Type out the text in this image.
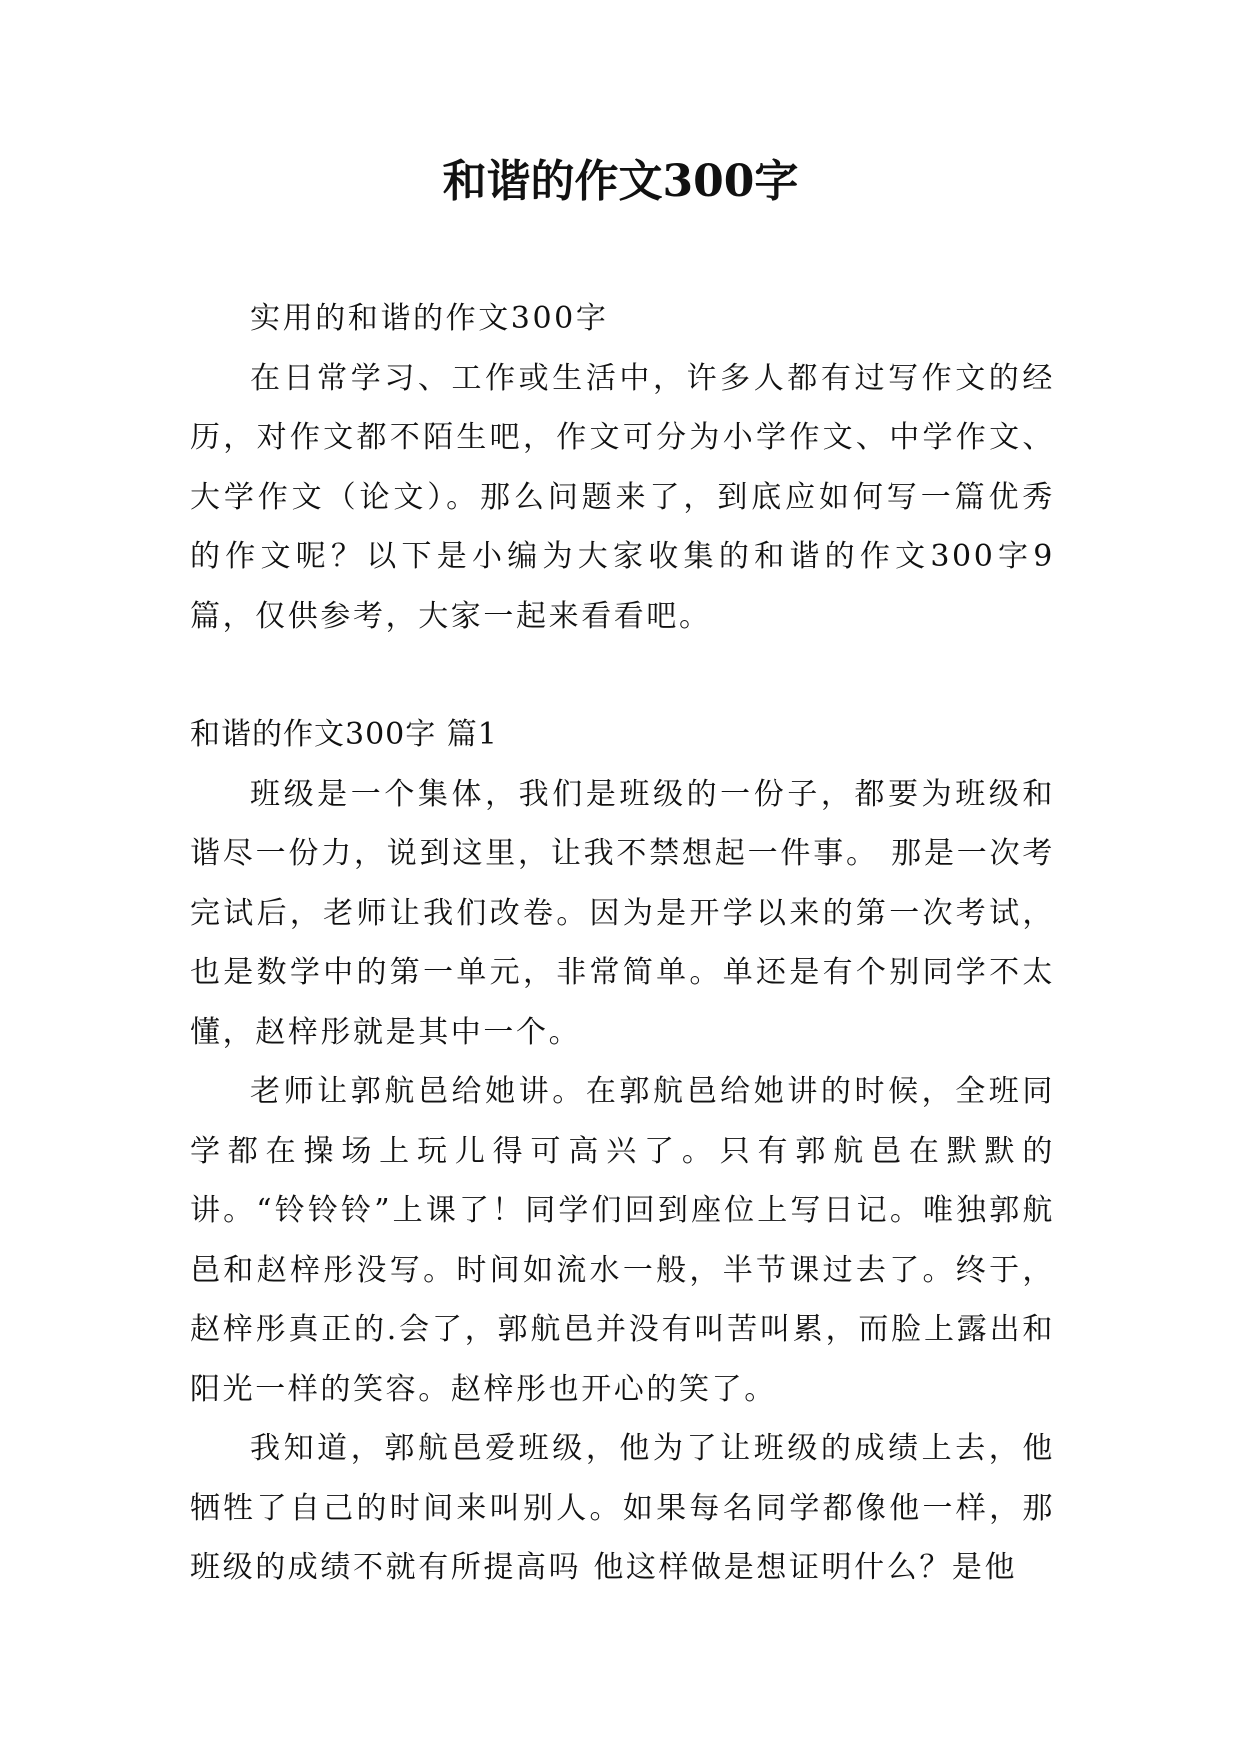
和谐的作文300字

实用的和谐的作文300字

在日常学习、工作或生活中，许多人都有过写作文的经历，对作文都不陌生吧，作文可分为小学作文、中学作文、大学作文（论文）。那么问题来了，到底应如何写一篇优秀的作文呢？以下是小编为大家收集的和谐的作文300字9篇，仅供参考，大家一起来看看吧。

和谐的作文300字 篇1

班级是一个集体，我们是班级的一份子，都要为班级和谐尽一份力，说到这里，让我不禁想起一件事。 那是一次考完试后，老师让我们改卷。因为是开学以来的第一次考试，也是数学中的第一单元，非常简单。单还是有个别同学不太懂，赵梓彤就是其中一个。

老师让郭航邑给她讲。在郭航邑给她讲的时候，全班同学都在操场上玩儿得可高兴了。只有郭航邑在默默的讲。“铃铃铃”上课了！同学们回到座位上写日记。唯独郭航邑和赵梓彤没写。时间如流水一般，半节课过去了。终于，赵梓彤真正的.会了，郭航邑并没有叫苦叫累，而脸上露出和阳光一样的笑容。赵梓彤也开心的笑了。

我知道，郭航邑爱班级，他为了让班级的成绩上去，他牺牲了自己的时间来叫别人。如果每名同学都像他一样，那班级的成绩不就有所提高吗 他这样做是想证明什么？是他
